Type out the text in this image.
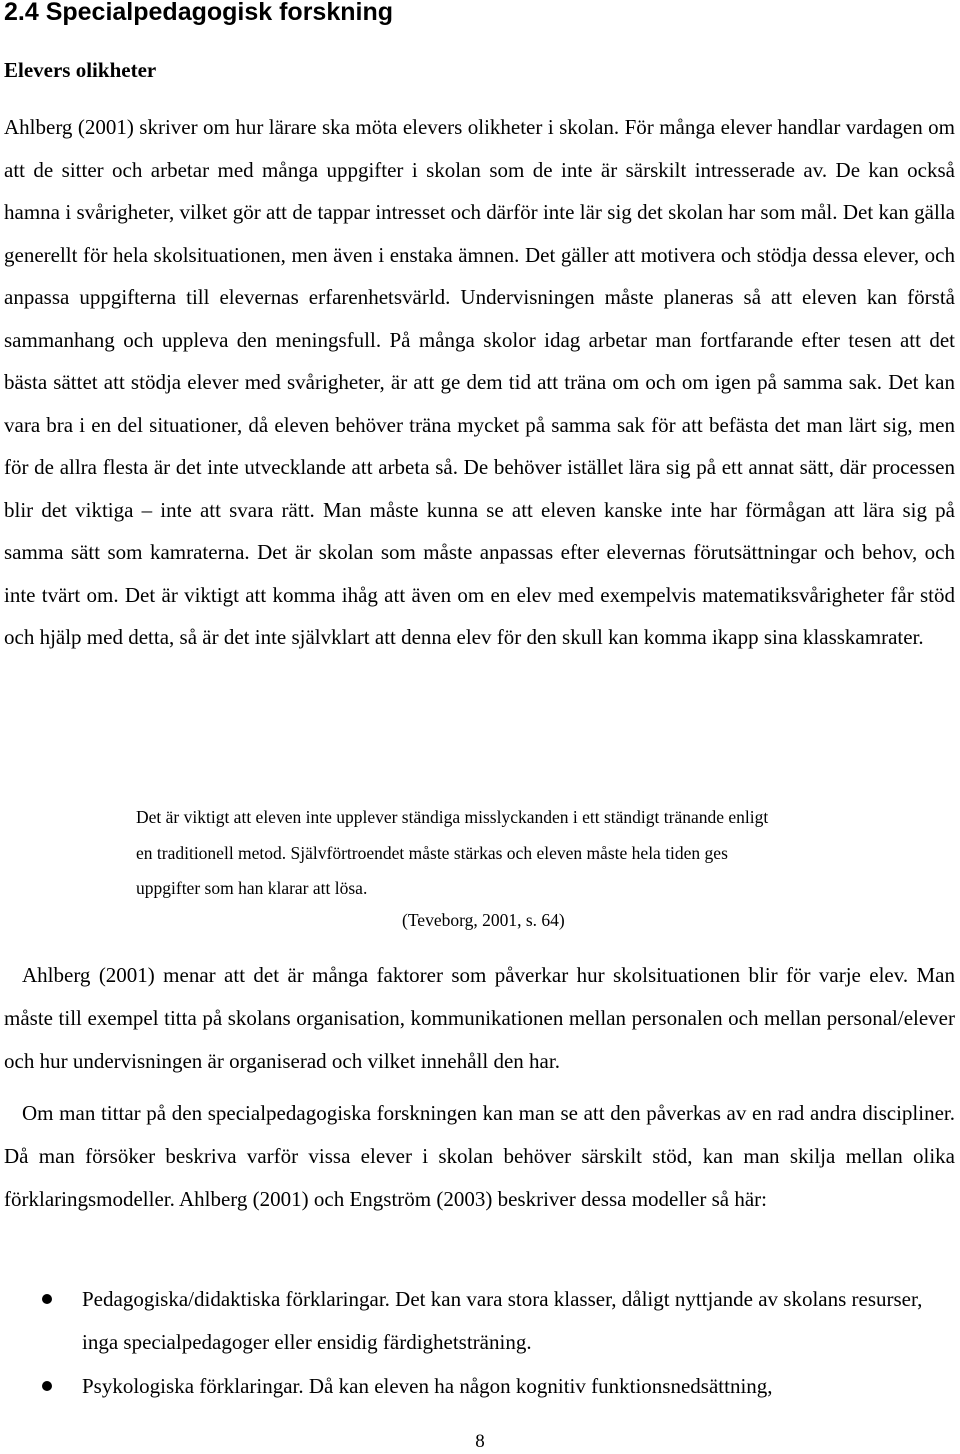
2.4 Specialpedagogisk forskning
Elevers olikheter

Ahlberg (2001) skriver om hur lärare ska möta elevers olikheter i skolan. För många elever handlar vardagen om att de sitter och arbetar med många uppgifter i skolan som de inte är särskilt intresserade av. De kan också hamna i svårigheter, vilket gör att de tappar intresset och därför inte lär sig det skolan har som mål. Det kan gälla generellt för hela skolsituationen, men även i enstaka ämnen. Det gäller att motivera och stödja dessa elever, och anpassa uppgifterna till elevernas erfarenhetsvärld. Undervisningen måste planeras så att eleven kan förstå sammanhang och uppleva den meningsfull. På många skolor idag arbetar man fortfarande efter tesen att det bästa sättet att stödja elever med svårigheter, är att ge dem tid att träna om och om igen på samma sak. Det kan vara bra i en del situationer, då eleven behöver träna mycket på samma sak för att befästa det man lärt sig, men för de allra flesta är det inte utvecklande att arbeta så. De behöver istället lära sig på ett annat sätt, där processen blir det viktiga – inte att svara rätt. Man måste kunna se att eleven kanske inte har förmågan att lära sig på samma sätt som kamraterna. Det är skolan som måste anpassas efter elevernas förutsättningar och behov, och inte tvärt om. Det är viktigt att komma ihåg att även om en elev med exempelvis matematiksvårigheter får stöd och hjälp med detta, så är det inte självklart att denna elev för den skull kan komma ikapp sina klasskamrater.

Det är viktigt att eleven inte upplever ständiga misslyckanden i ett ständigt tränande enligt en traditionell metod. Självförtroendet måste stärkas och eleven måste hela tiden ges uppgifter som han klarar att lösa.

(Teveborg, 2001, s. 64)

Ahlberg (2001) menar att det är många faktorer som påverkar hur skolsituationen blir för varje elev. Man måste till exempel titta på skolans organisation, kommunikationen mellan personalen och mellan personal/elever och hur undervisningen är organiserad och vilket innehåll den har.

Om man tittar på den specialpedagogiska forskningen kan man se att den påverkas av en rad andra discipliner. Då man försöker beskriva varför vissa elever i skolan behöver särskilt stöd, kan man skilja mellan olika förklaringsmodeller. Ahlberg (2001) och Engström (2003) beskriver dessa modeller så här:

Pedagogiska/didaktiska förklaringar. Det kan vara stora klasser, dåligt nyttjande av skolans resurser, inga specialpedagoger eller ensidig färdighetsträning.
Psykologiska förklaringar. Då kan eleven ha någon kognitiv funktionsnedsättning,
8
